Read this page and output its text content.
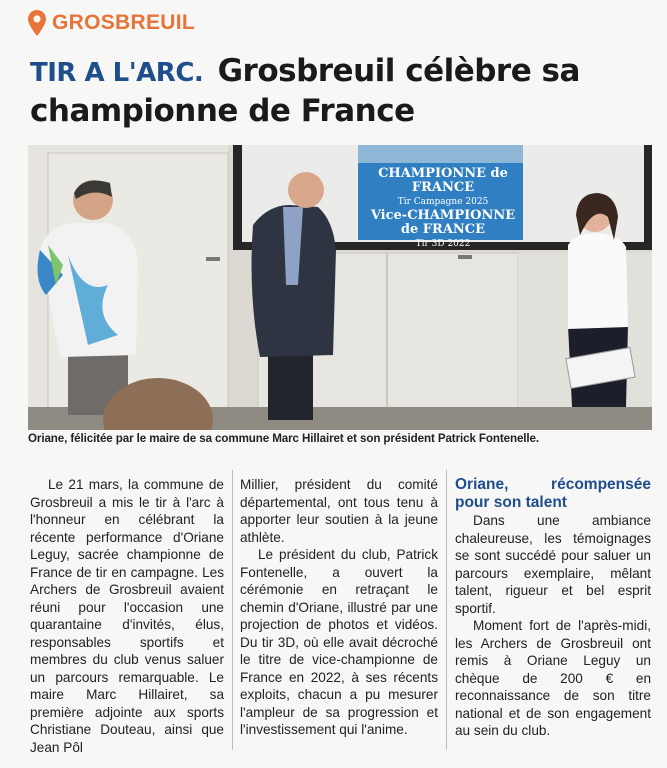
GROSBREUIL
TIR A L'ARC. Grosbreuil célèbre sa championne de France
CHAMPIONNE de FRANCE
Tir Campagne 2025
Vice-CHAMPIONNE de FRANCE
Tir 3D 2022
Oriane, félicitée par le maire de sa commune Marc Hillairet et son président Patrick Fontenelle.

Le 21 mars, la commune de Grosbreuil a mis le tir à l'arc à l'honneur en célébrant la récente performance d'Oriane Leguy, sacrée championne de France de tir en campagne. Les Archers de Grosbreuil avaient réuni pour l'occasion une quarantaine d'invités, élus, responsables sportifs et membres du club venus saluer un parcours remarquable. Le maire Marc Hillairet, sa première adjointe aux sports Christiane Douteau, ainsi que Jean Pôl

Millier, président du comité départemental, ont tous tenu à apporter leur soutien à la jeune athlète.

Le président du club, Patrick Fontenelle, a ouvert la cérémonie en retraçant le chemin d'Oriane, illustré par une projection de photos et vidéos. Du tir 3D, où elle avait décroché le titre de vice-championne de France en 2022, à ses récents exploits, chacun a pu mesurer l'ampleur de sa progression et l'investissement qui l'anime.

Oriane, récompensée pour son talent

Dans une ambiance chaleureuse, les témoignages se sont succédé pour saluer un parcours exemplaire, mêlant talent, rigueur et bel esprit sportif.

Moment fort de l'après-midi, les Archers de Grosbreuil ont remis à Oriane Leguy un chèque de 200 € en reconnaissance de son titre national et de son engagement au sein du club.
